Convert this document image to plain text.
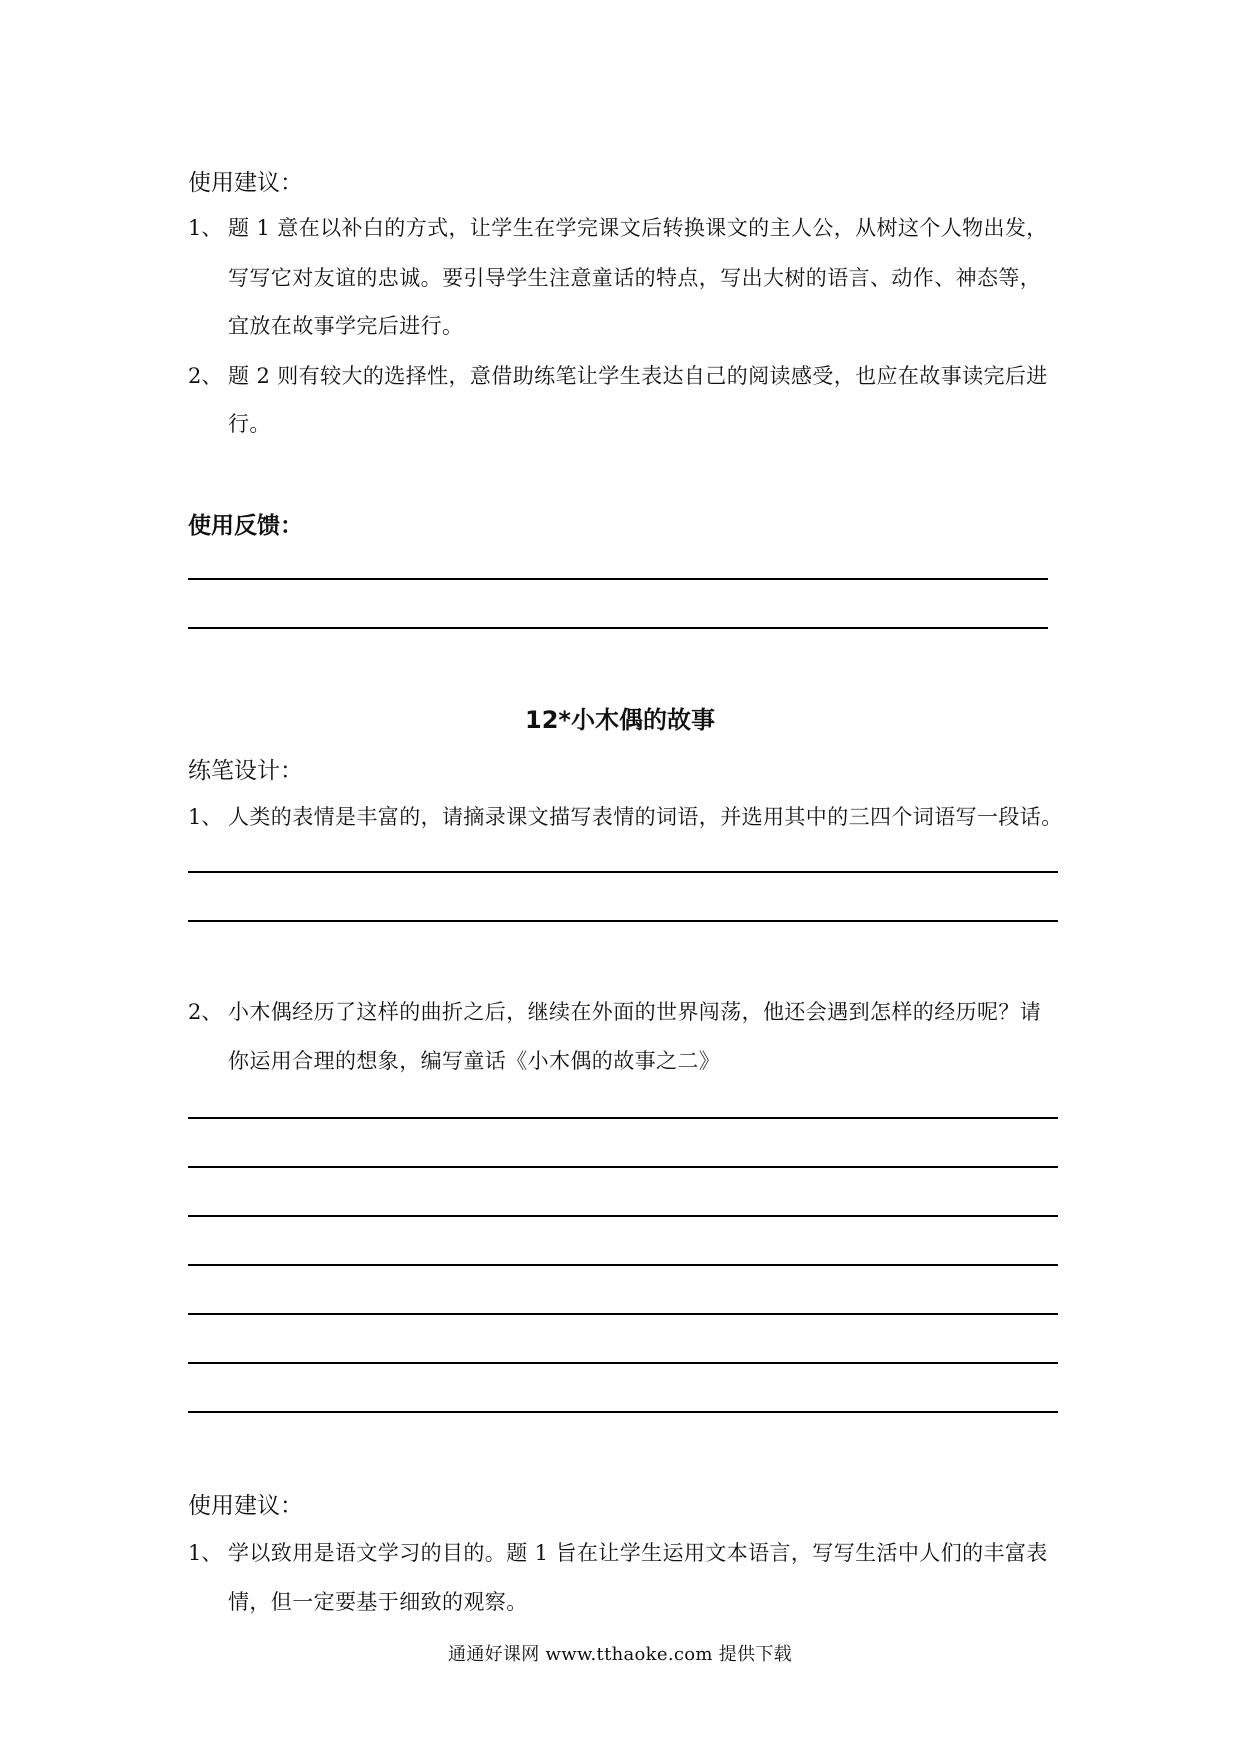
使用建议：
1、 题 1 意在以补白的方式，让学生在学完课文后转换课文的主人公，从树这个人物出发，
写写它对友谊的忠诚。要引导学生注意童话的特点，写出大树的语言、动作、神态等，
宜放在故事学完后进行。
2、 题 2 则有较大的选择性，意借助练笔让学生表达自己的阅读感受，也应在故事读完后进
行。
使用反馈：
12*小木偶的故事
练笔设计：
1、 人类的表情是丰富的，请摘录课文描写表情的词语，并选用其中的三四个词语写一段话。
2、 小木偶经历了这样的曲折之后，继续在外面的世界闯荡，他还会遇到怎样的经历呢？请
你运用合理的想象，编写童话《小木偶的故事之二》
使用建议：
1、 学以致用是语文学习的目的。题 1 旨在让学生运用文本语言，写写生活中人们的丰富表
情，但一定要基于细致的观察。
通通好课网 www.tthaoke.com 提供下载
